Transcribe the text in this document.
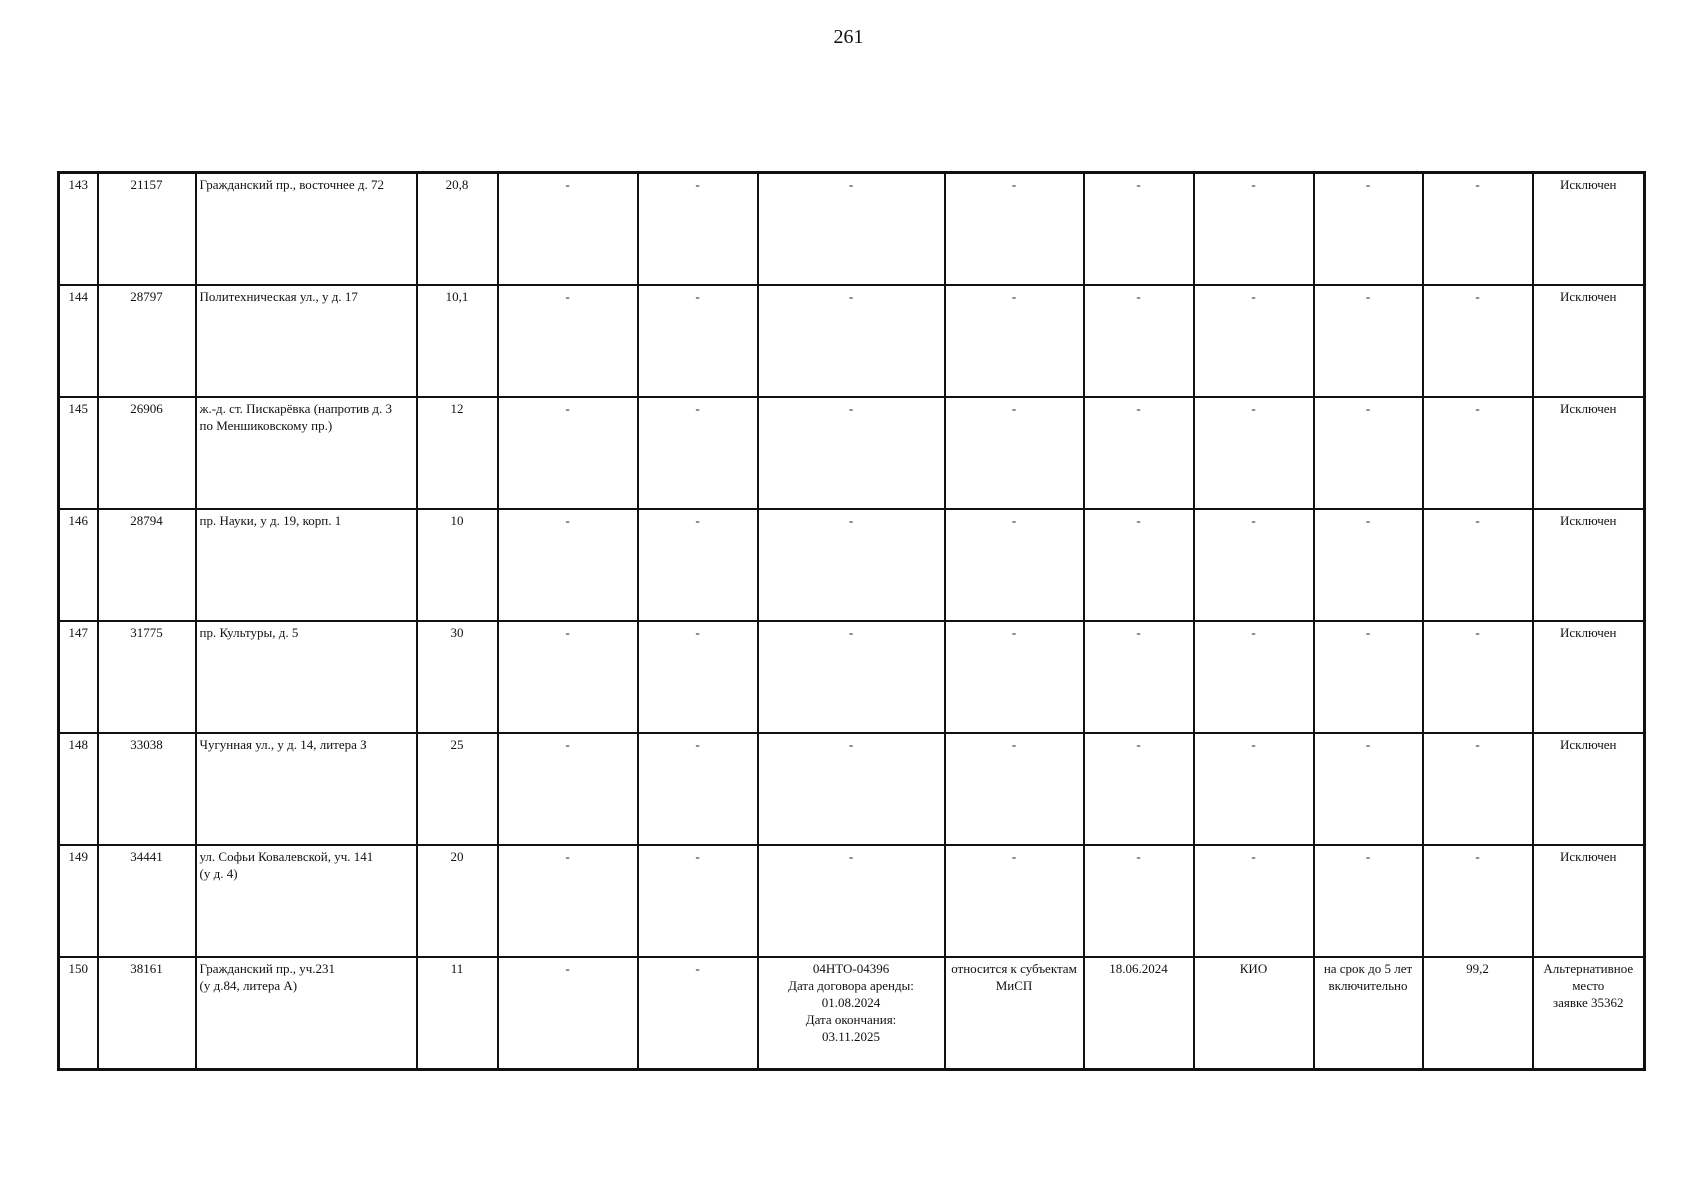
261
143	21157	Гражданский пр., восточнее д. 72	20,8	-	-	-	-	-	-	-	-	Исключен
144	28797	Политехническая ул., у д. 17	10,1	-	-	-	-	-	-	-	-	Исключен
145	26906	ж.-д. ст. Пискарёвка (напротив д. 3
по Меншиковскому пр.)	12	-	-	-	-	-	-	-	-	Исключен
146	28794	пр. Науки, у д. 19, корп. 1	10	-	-	-	-	-	-	-	-	Исключен
147	31775	пр. Культуры, д. 5	30	-	-	-	-	-	-	-	-	Исключен
148	33038	Чугунная ул., у д. 14, литера З	25	-	-	-	-	-	-	-	-	Исключен
149	34441	ул. Софьи Ковалевской, уч. 141
(у д. 4)	20	-	-	-	-	-	-	-	-	Исключен
150	38161	Гражданский пр., уч.231
(у д.84, литера А)	11	-	-	04НТО-04396
Дата договора аренды:
01.08.2024
Дата окончания:
03.11.2025	относится к субъектам
МиСП	18.06.2024	КИО	на срок до 5 лет
включительно	99,2	Альтернативное
место
заявке 35362
